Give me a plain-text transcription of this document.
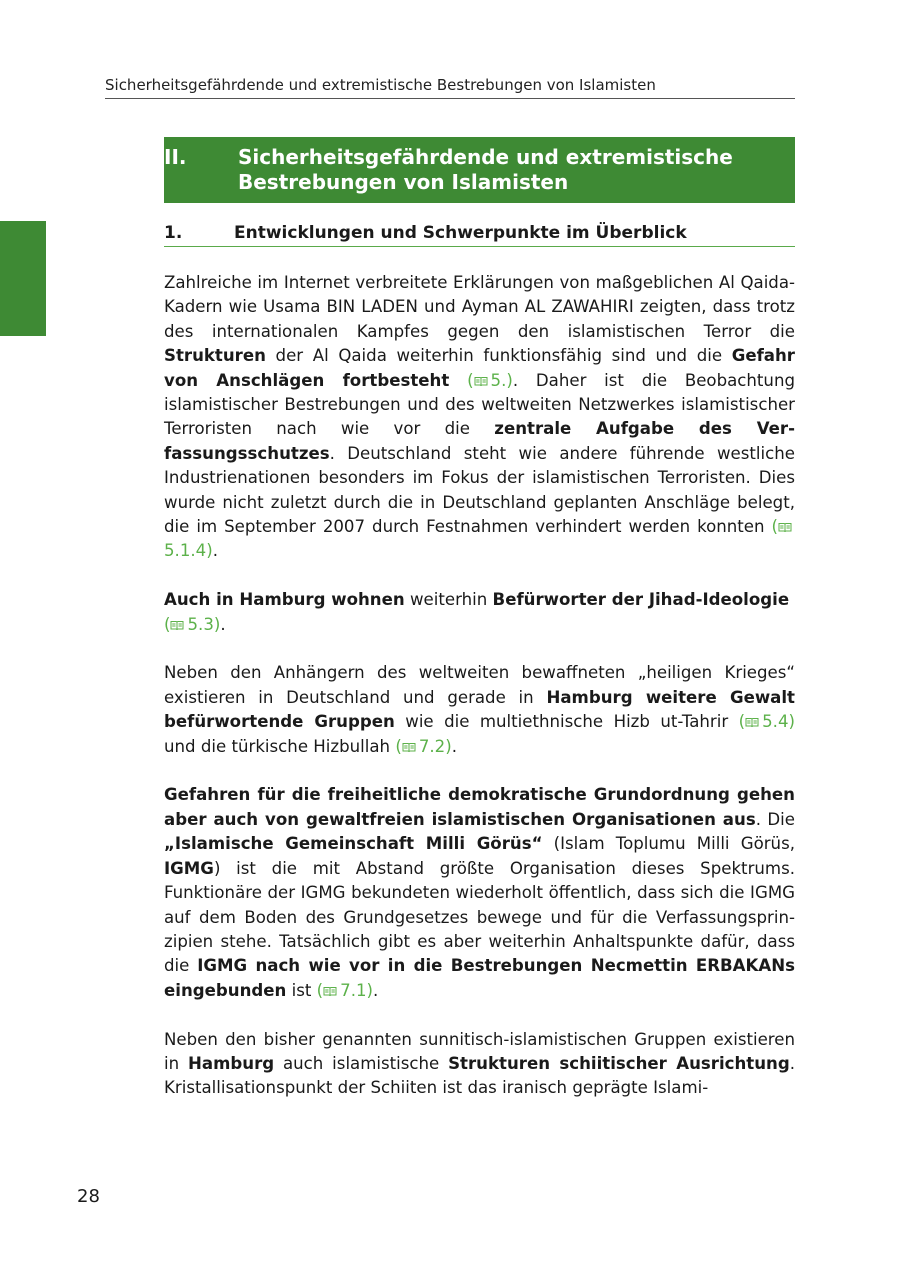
Sicherheitsgefährdende und extremistische Bestrebungen von Islamisten
II.	Sicherheitsgefährdende und extremistische
Bestrebungen von Islamisten
1.	Entwicklungen und Schwerpunkte im Überblick

Zahlreiche im Internet verbreitete Erklärungen von maßgeblichen Al Qaida-Kadern wie Usama BIN LADEN und Ayman AL ZAWAHIRI zeigten, dass trotz des internationalen Kampfes gegen den islamistischen Terror die Strukturen der Al Qaida weiterhin funktionsfähig sind und die Gefahr von Anschlägen fortbesteht ( 5.). Daher ist die Beobachtung islamistischer Bestrebungen und des weltweiten Netzwerkes islamistischer Terroristen nach wie vor die zentrale Aufgabe des Verfassungsschutzes. Deutschland steht wie andere führende westliche Industrienationen besonders im Fokus der islamistischen Terroristen. Dies wurde nicht zuletzt durch die in Deutschland geplanten Anschläge belegt, die im September 2007 durch Festnahmen verhindert werden konnten (5.1.4).

Auch in Hamburg wohnen weiterhin Befürworter der Jihad-Ideologie
( 5.3).

Neben den Anhängern des weltweiten bewaffneten „heiligen Krieges“ existieren in Deutschland und gerade in Hamburg weitere Gewalt befürwortende Gruppen wie die multiethnische Hizb ut-Tahrir ( 5.4) und die türkische Hizbullah ( 7.2).

Gefahren für die freiheitliche demokratische Grundordnung gehen aber auch von gewaltfreien islamistischen Organisationen aus. Die „Islamische Gemeinschaft Milli Görüs“ (Islam Toplumu Milli Görüs, IGMG) ist die mit Abstand größte Organisation dieses Spektrums. Funktionäre der IGMG bekundeten wiederholt öffentlich, dass sich die IGMG auf dem Boden des Grundgesetzes bewege und für die Verfassungsprinzipien stehe. Tatsächlich gibt es aber weiterhin Anhaltspunkte dafür, dass die IGMG nach wie vor in die Bestrebungen Necmettin ERBAKANs eingebunden ist ( 7.1).

Neben den bisher genannten sunnitisch-islamistischen Gruppen existieren in Hamburg auch islamistische Strukturen schiitischer Ausrichtung. Kristallisationspunkt der Schiiten ist das iranisch geprägte Islami-

28
